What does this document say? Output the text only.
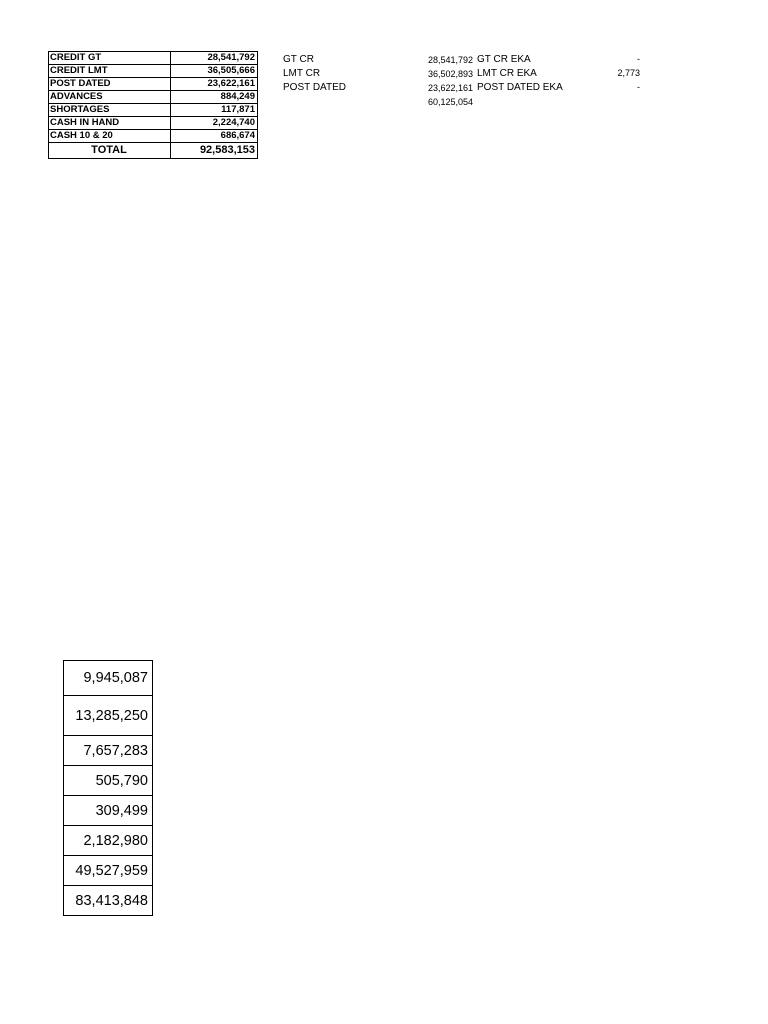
CREDIT GT	28,541,792
CREDIT LMT	36,505,666
POST DATED	23,622,161
ADVANCES	884,249
SHORTAGES	117,871
CASH IN HAND	2,224,740
CASH 10 & 20	686,674
TOTAL	92,583,153
GT CR	28,541,792 GT CR EKA	-
LMT CR	36,502,893 LMT CR EKA	2,773
POST DATED	23,622,161 POST DATED EKA	-
60,125,054
9,945,087
13,285,250
7,657,283
505,790
309,499
2,182,980
49,527,959
83,413,848
